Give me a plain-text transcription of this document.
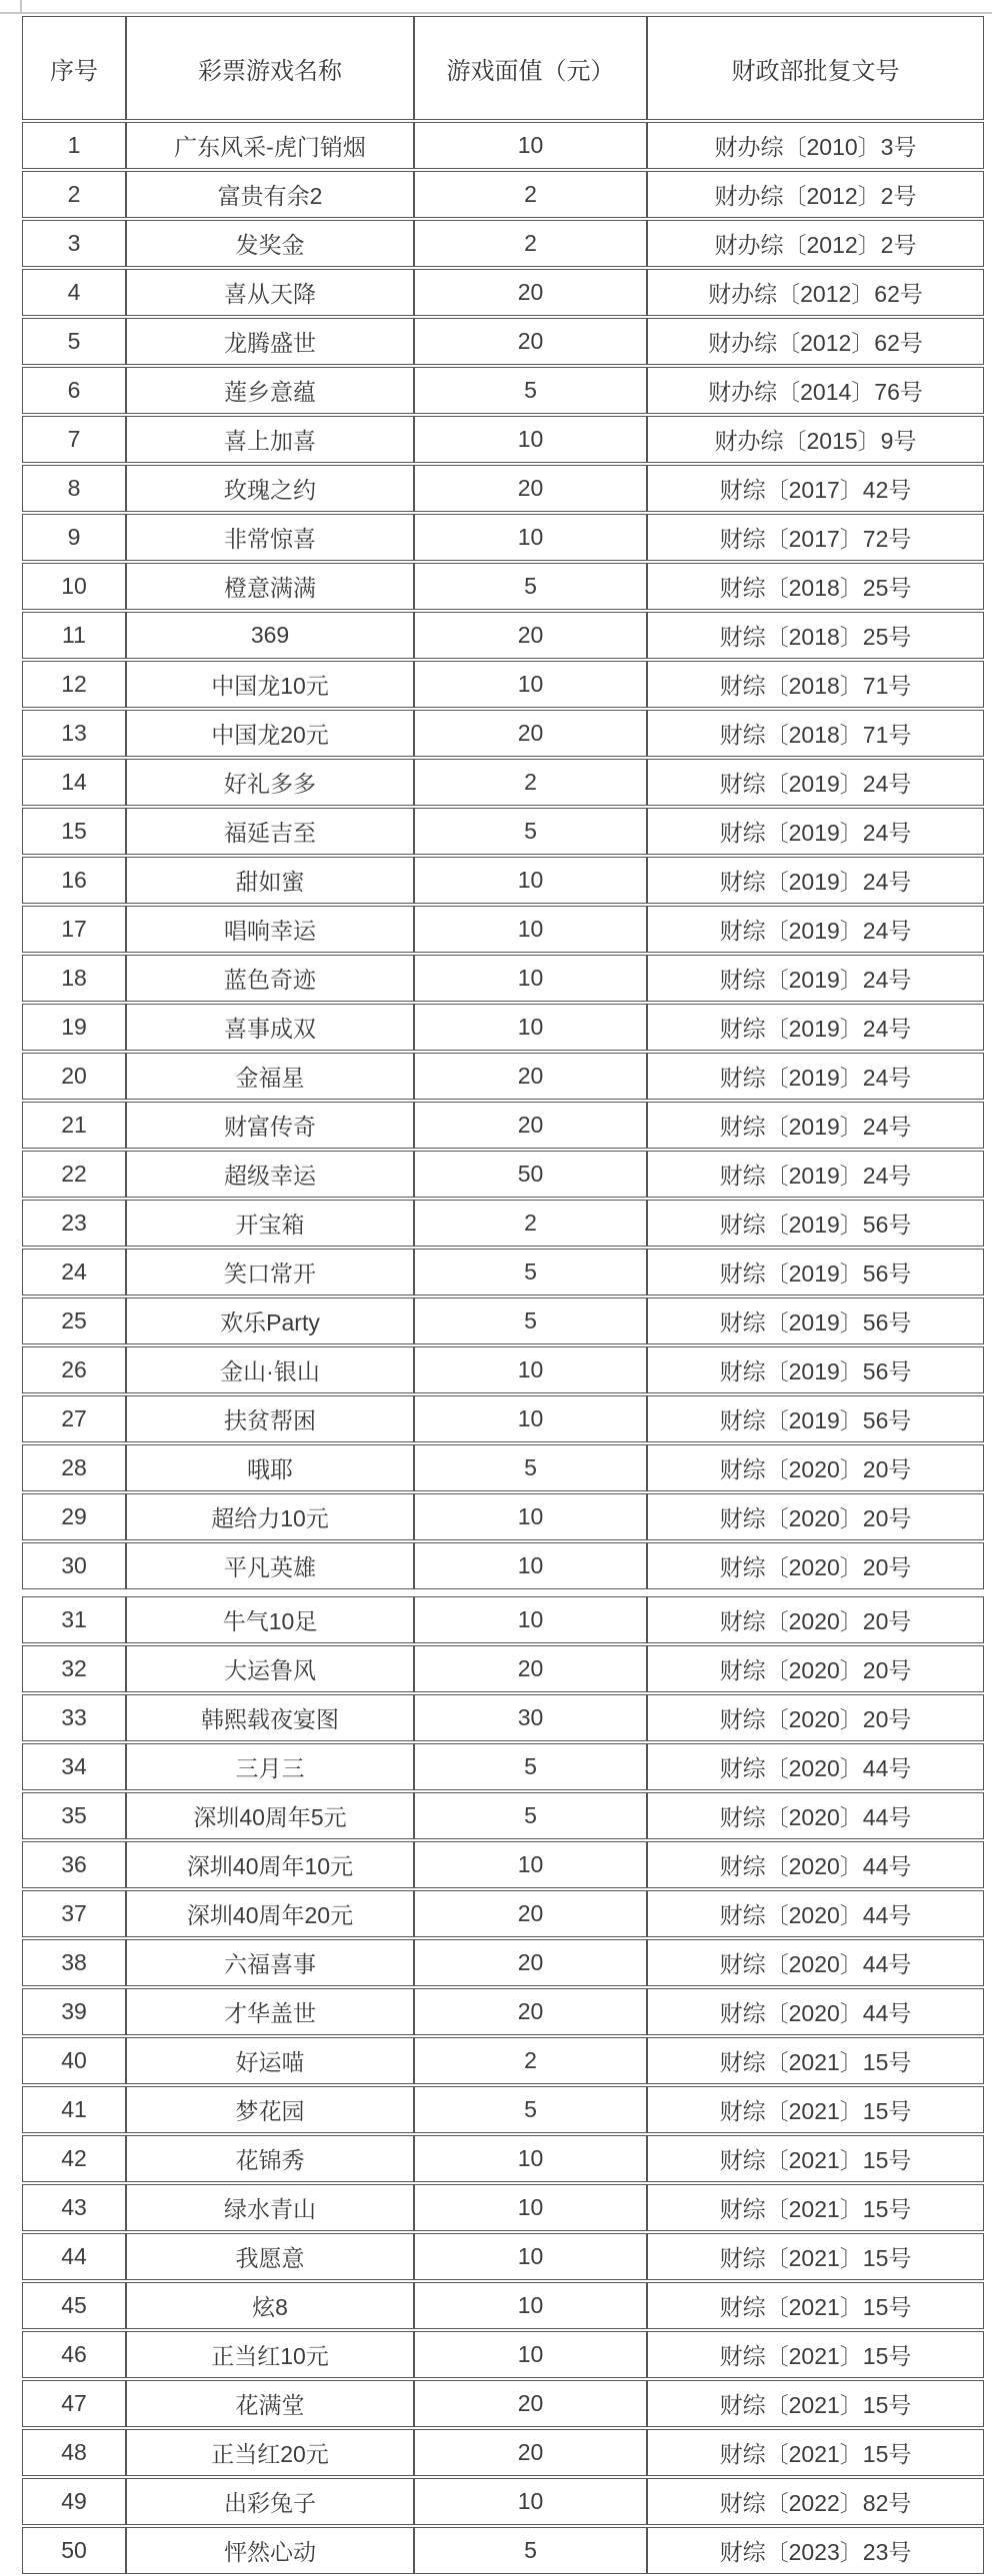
序号	彩票游戏名称	游戏面值（元）	财政部批复文号
1	广东风采-虎门销烟	10	财办综〔2010〕3号
2	富贵有余2	2	财办综〔2012〕2号
3	发奖金	2	财办综〔2012〕2号
4	喜从天降	20	财办综〔2012〕62号
5	龙腾盛世	20	财办综〔2012〕62号
6	莲乡意蕴	5	财办综〔2014〕76号
7	喜上加喜	10	财办综〔2015〕9号
8	玫瑰之约	20	财综〔2017〕42号
9	非常惊喜	10	财综〔2017〕72号
10	橙意满满	5	财综〔2018〕25号
11	369	20	财综〔2018〕25号
12	中国龙10元	10	财综〔2018〕71号
13	中国龙20元	20	财综〔2018〕71号
14	好礼多多	2	财综〔2019〕24号
15	福延吉至	5	财综〔2019〕24号
16	甜如蜜	10	财综〔2019〕24号
17	唱响幸运	10	财综〔2019〕24号
18	蓝色奇迹	10	财综〔2019〕24号
19	喜事成双	10	财综〔2019〕24号
20	金福星	20	财综〔2019〕24号
21	财富传奇	20	财综〔2019〕24号
22	超级幸运	50	财综〔2019〕24号
23	开宝箱	2	财综〔2019〕56号
24	笑口常开	5	财综〔2019〕56号
25	欢乐Party	5	财综〔2019〕56号
26	金山·银山	10	财综〔2019〕56号
27	扶贫帮困	10	财综〔2019〕56号
28	哦耶	5	财综〔2020〕20号
29	超给力10元	10	财综〔2020〕20号
30	平凡英雄	10	财综〔2020〕20号
31	牛气10足	10	财综〔2020〕20号
32	大运鲁风	20	财综〔2020〕20号
33	韩熙载夜宴图	30	财综〔2020〕20号
34	三月三	5	财综〔2020〕44号
35	深圳40周年5元	5	财综〔2020〕44号
36	深圳40周年10元	10	财综〔2020〕44号
37	深圳40周年20元	20	财综〔2020〕44号
38	六福喜事	20	财综〔2020〕44号
39	才华盖世	20	财综〔2020〕44号
40	好运喵	2	财综〔2021〕15号
41	梦花园	5	财综〔2021〕15号
42	花锦秀	10	财综〔2021〕15号
43	绿水青山	10	财综〔2021〕15号
44	我愿意	10	财综〔2021〕15号
45	炫8	10	财综〔2021〕15号
46	正当红10元	10	财综〔2021〕15号
47	花满堂	20	财综〔2021〕15号
48	正当红20元	20	财综〔2021〕15号
49	出彩兔子	10	财综〔2022〕82号
50	怦然心动	5	财综〔2023〕23号
